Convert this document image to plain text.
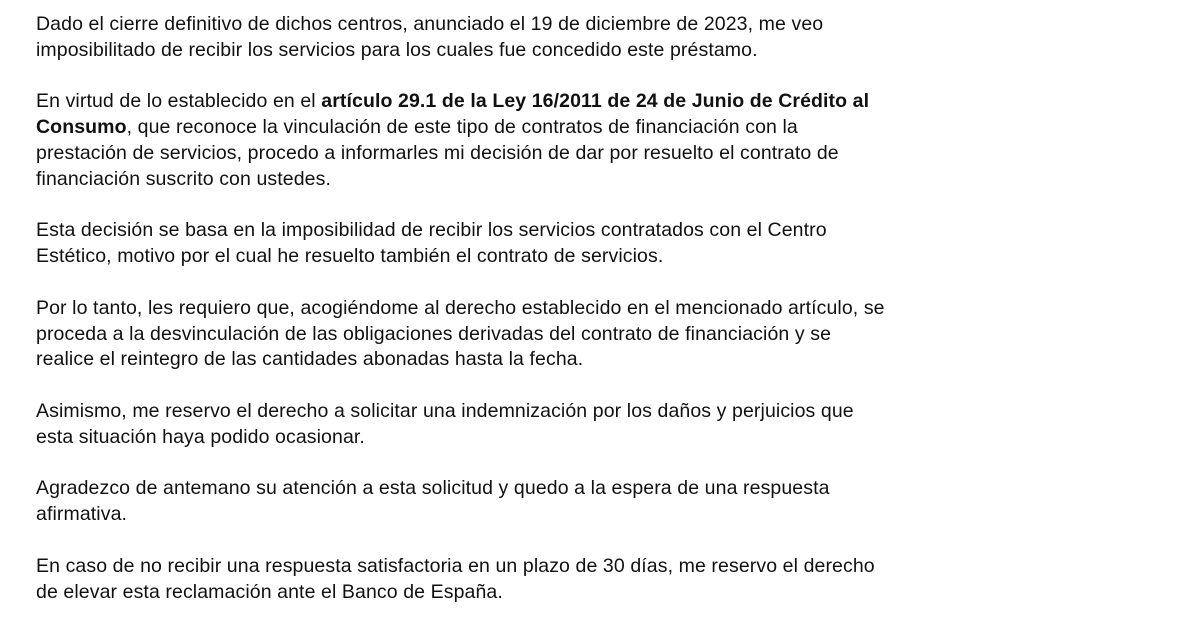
Dado el cierre definitivo de dichos centros, anunciado el 19 de diciembre de 2023, me veo
imposibilitado de recibir los servicios para los cuales fue concedido este préstamo.

En virtud de lo establecido en el artículo 29.1 de la Ley 16/2011 de 24 de Junio de Crédito al
Consumo, que reconoce la vinculación de este tipo de contratos de financiación con la
prestación de servicios, procedo a informarles mi decisión de dar por resuelto el contrato de
financiación suscrito con ustedes.

Esta decisión se basa en la imposibilidad de recibir los servicios contratados con el Centro
Estético, motivo por el cual he resuelto también el contrato de servicios.

Por lo tanto, les requiero que, acogiéndome al derecho establecido en el mencionado artículo, se
proceda a la desvinculación de las obligaciones derivadas del contrato de financiación y se
realice el reintegro de las cantidades abonadas hasta la fecha.

Asimismo, me reservo el derecho a solicitar una indemnización por los daños y perjuicios que
esta situación haya podido ocasionar.

Agradezco de antemano su atención a esta solicitud y quedo a la espera de una respuesta
afirmativa.

En caso de no recibir una respuesta satisfactoria en un plazo de 30 días, me reservo el derecho
de elevar esta reclamación ante el Banco de España.
